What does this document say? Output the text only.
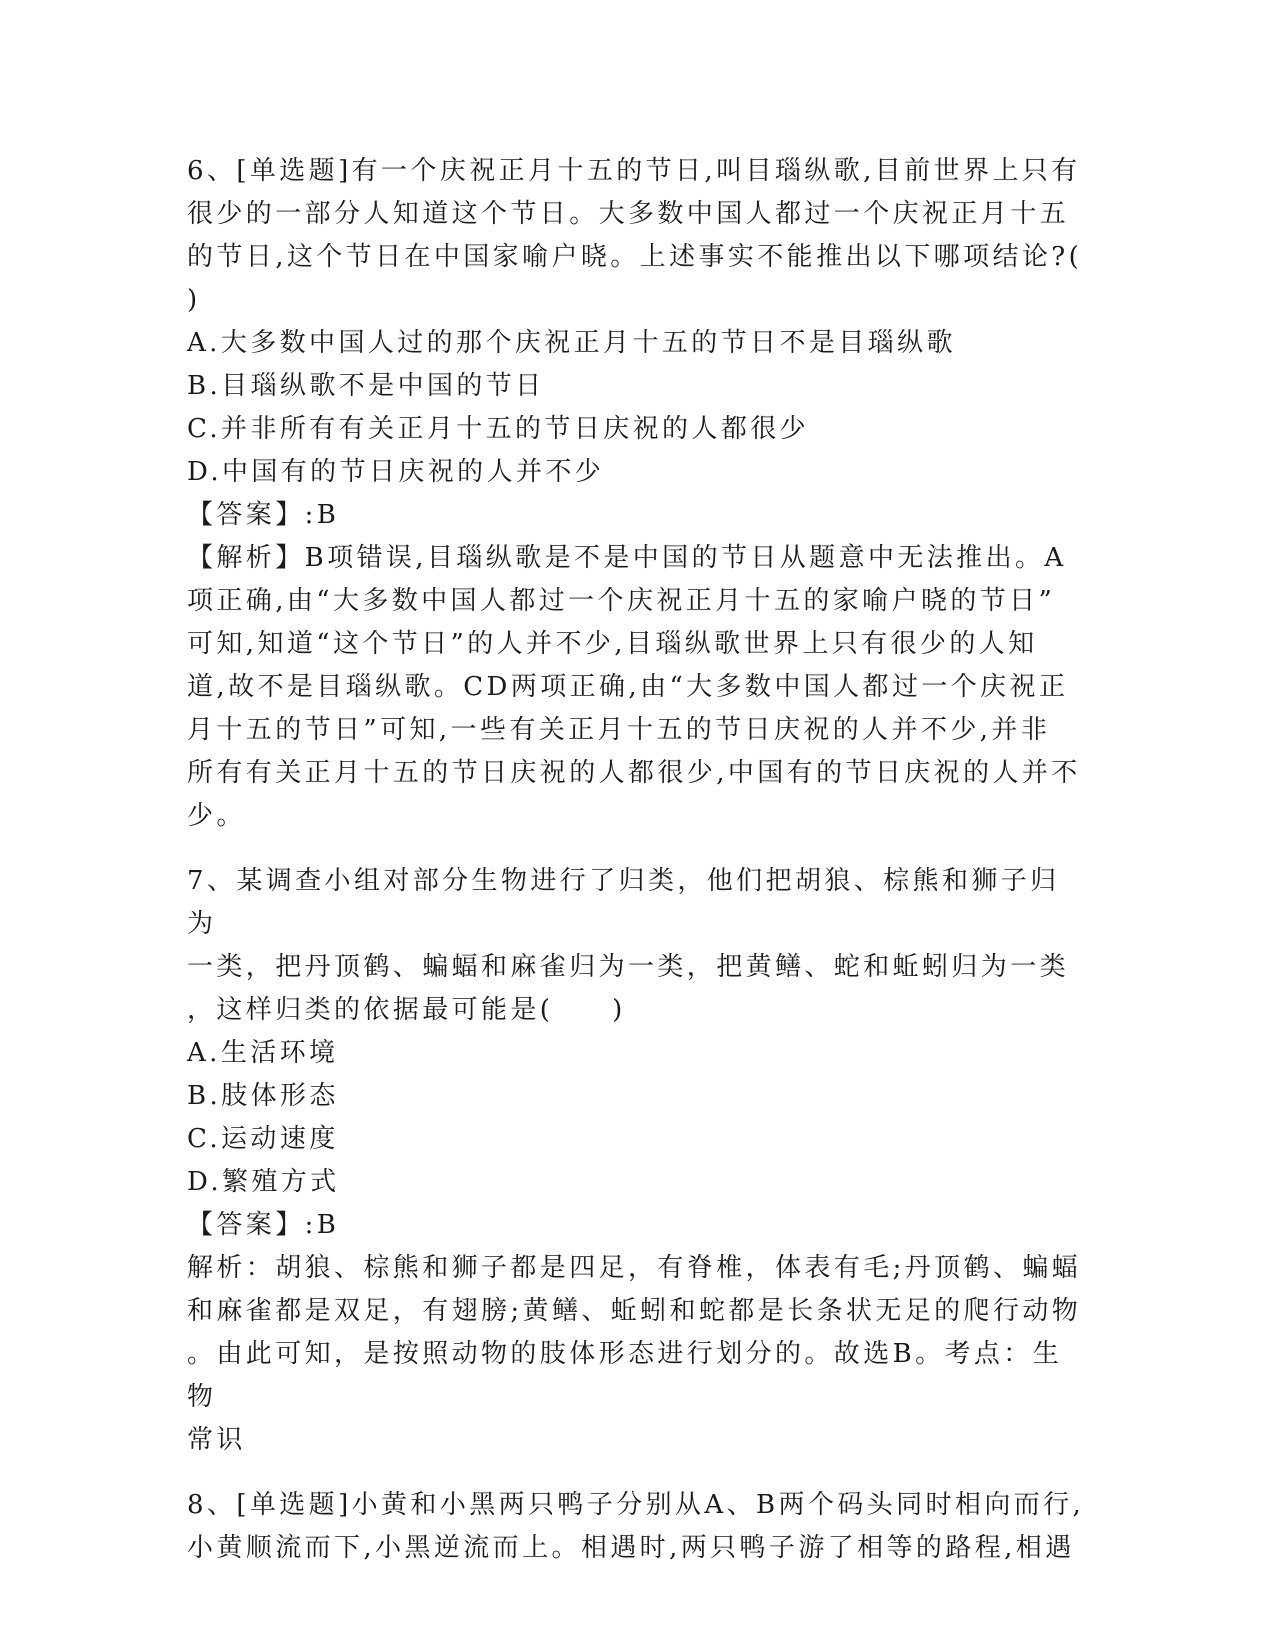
6、[单选题]有一个庆祝正月十五的节日,叫目瑙纵歌,目前世界上只有

很少的一部分人知道这个节日。大多数中国人都过一个庆祝正月十五

的节日,这个节日在中国家喻户晓。上述事实不能推出以下哪项结论?(

)

A.大多数中国人过的那个庆祝正月十五的节日不是目瑙纵歌

B.目瑙纵歌不是中国的节日

C.并非所有有关正月十五的节日庆祝的人都很少

D.中国有的节日庆祝的人并不少

【答案】:B

【解析】B项错误,目瑙纵歌是不是中国的节日从题意中无法推出。A

项正确,由“大多数中国人都过一个庆祝正月十五的家喻户晓的节日”

可知,知道“这个节日”的人并不少,目瑙纵歌世界上只有很少的人知

道,故不是目瑙纵歌。CD两项正确,由“大多数中国人都过一个庆祝正

月十五的节日”可知,一些有关正月十五的节日庆祝的人并不少,并非

所有有关正月十五的节日庆祝的人都很少,中国有的节日庆祝的人并不

少。

7、某调查小组对部分生物进行了归类，他们把胡狼、棕熊和狮子归为

一类，把丹顶鹤、蝙蝠和麻雀归为一类，把黄鳝、蛇和蚯蚓归为一类

，这样归类的依据最可能是(　　)

A.生活环境

B.肢体形态

C.运动速度

D.繁殖方式

【答案】:B

解析：胡狼、棕熊和狮子都是四足，有脊椎，体表有毛;丹顶鹤、蝙蝠

和麻雀都是双足，有翅膀;黄鳝、蚯蚓和蛇都是长条状无足的爬行动物

。由此可知，是按照动物的肢体形态进行划分的。故选B。考点：生物

常识

8、[单选题]小黄和小黑两只鸭子分别从A、B两个码头同时相向而行,

小黄顺流而下,小黑逆流而上。相遇时,两只鸭子游了相等的路程,相遇
